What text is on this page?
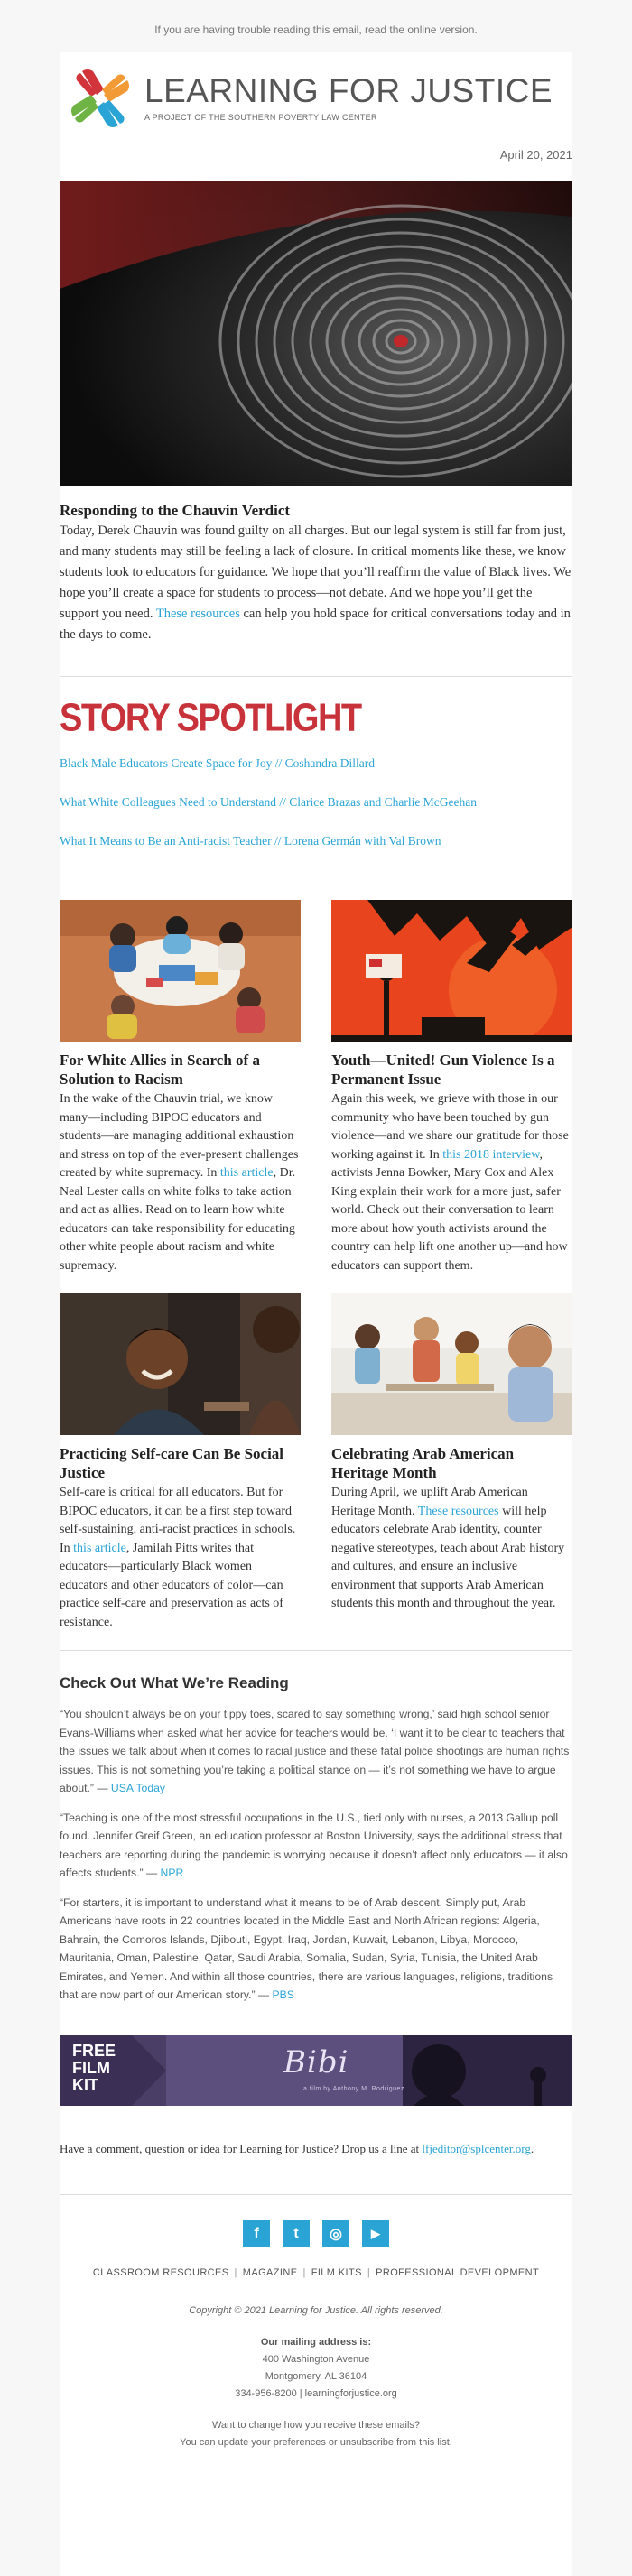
If you are having trouble reading this email, read the online version.
LEARNING FOR JUSTICE
A PROJECT OF THE SOUTHERN POVERTY LAW CENTER
April 20, 2021
Responding to the Chauvin Verdict

Today, Derek Chauvin was found guilty on all charges. But our legal system is still far from just, and many students may still be feeling a lack of closure. In critical moments like these, we know students look to educators for guidance. We hope that you’ll reaffirm the value of Black lives. We hope you’ll create a space for students to process—not debate. And we hope you’ll get the support you need. These resources can help you hold space for critical conversations today and in the days to come.

STORY SPOTLIGHT
Black Male Educators Create Space for Joy // Coshandra Dillard
What White Colleagues Need to Understand // Clarice Brazas and Charlie McGeehan
What It Means to Be an Anti-racist Teacher // Lorena Germán with Val Brown
For White Allies in Search of a Solution to Racism

In the wake of the Chauvin trial, we know many—including BIPOC educators and students—are managing additional exhaustion and stress on top of the ever-present challenges created by white supremacy. In this article, Dr. Neal Lester calls on white folks to take action and act as allies. Read on to learn how white educators can take responsibility for educating other white people about racism and white supremacy.

Youth—United! Gun Violence Is a Permanent Issue

Again this week, we grieve with those in our community who have been touched by gun violence—and we share our gratitude for those working against it. In this 2018 interview, activists Jenna Bowker, Mary Cox and Alex King explain their work for a more just, safer world. Check out their conversation to learn more about how youth activists around the country can help lift one another up—and how educators can support them.

Practicing Self-care Can Be Social Justice

Self-care is critical for all educators. But for BIPOC educators, it can be a first step toward self-sustaining, anti-racist practices in schools. In this article, Jamilah Pitts writes that educators—particularly Black women educators and other educators of color—can practice self-care and preservation as acts of resistance.

Celebrating Arab American Heritage Month

During April, we uplift Arab American Heritage Month. These resources will help educators celebrate Arab identity, counter negative stereotypes, teach about Arab history and cultures, and ensure an inclusive environment that supports Arab American students this month and throughout the year.

Check Out What We’re Reading

“You shouldn’t always be on your tippy toes, scared to say something wrong,’ said high school senior Evans-Williams when asked what her advice for teachers would be. ‘I want it to be clear to teachers that the issues we talk about when it comes to racial justice and these fatal police shootings are human rights issues. This is not something you’re taking a political stance on — it’s not something we have to argue about.” — USA Today

“Teaching is one of the most stressful occupations in the U.S., tied only with nurses, a 2013 Gallup poll found. Jennifer Greif Green, an education professor at Boston University, says the additional stress that teachers are reporting during the pandemic is worrying because it doesn’t affect only educators — it also affects students.” — NPR

“For starters, it is important to understand what it means to be of Arab descent. Simply put, Arab Americans have roots in 22 countries located in the Middle East and North African regions: Algeria, Bahrain, the Comoros Islands, Djibouti, Egypt, Iraq, Jordan, Kuwait, Lebanon, Libya, Morocco, Mauritania, Oman, Palestine, Qatar, Saudi Arabia, Somalia, Sudan, Syria, Tunisia, the United Arab Emirates, and Yemen. And within all those countries, there are various languages, religions, traditions that are now part of our American story.” — PBS

FREE
FILM
KIT
Bibi
a film by Anthony M. Rodriguez
Have a comment, question or idea for Learning for Justice? Drop us a line at lfjeditor@splcenter.org.
f	t	◎	▶
CLASSROOM RESOURCES | MAGAZINE | FILM KITS | PROFESSIONAL DEVELOPMENT
Copyright © 2021 Learning for Justice. All rights reserved.
Our mailing address is:
400 Washington Avenue
Montgomery, AL 36104
334-956-8200 | learningforjustice.org
Want to change how you receive these emails?
You can update your preferences or unsubscribe from this list.
